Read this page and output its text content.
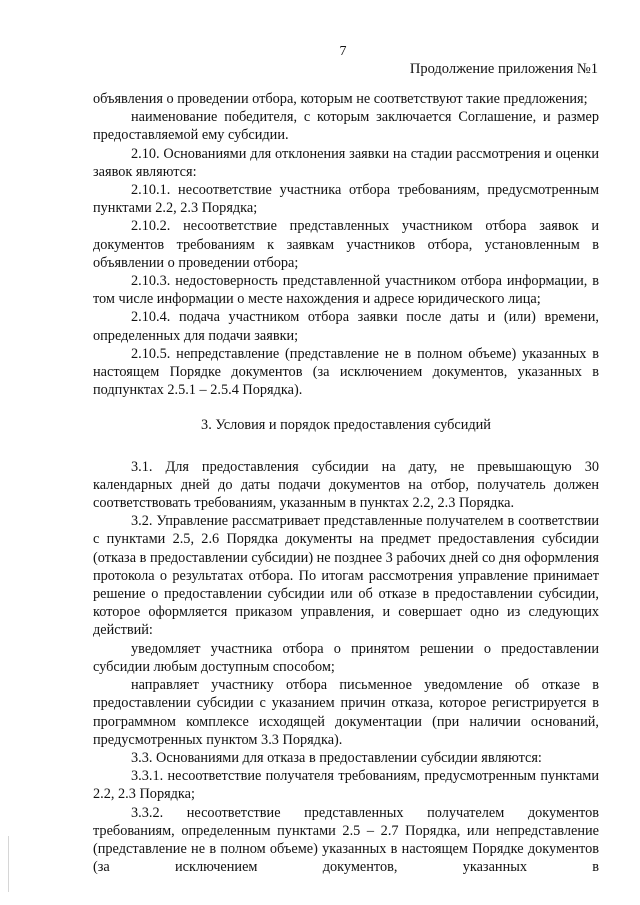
7
Продолжение приложения №1

объявления о проведении отбора, которым не соответствуют такие предложения;

наименование победителя, с которым заключается Соглашение, и размер предоставляемой ему субсидии.

2.10. Основаниями для отклонения заявки на стадии рассмотрения и оценки заявок являются:

2.10.1. несоответствие участника отбора требованиям, предусмотренным пунктами 2.2, 2.3 Порядка;

2.10.2. несоответствие представленных участником отбора заявок и документов требованиям к заявкам участников отбора, установленным в объявлении о проведении отбора;

2.10.3. недостоверность представленной участником отбора информации, в том числе информации о месте нахождения и адресе юридического лица;

2.10.4. подача участником отбора заявки после даты и (или) времени, определенных для подачи заявки;

2.10.5. непредставление (представление не в полном объеме) указанных в настоящем Порядке документов (за исключением документов, указанных в подпунктах 2.5.1 – 2.5.4 Порядка).

3. Условия и порядок предоставления субсидий

3.1. Для предоставления субсидии на дату, не превышающую 30 календарных дней до даты подачи документов на отбор, получатель должен соответствовать требованиям, указанным в пунктах 2.2, 2.3 Порядка.

3.2. Управление рассматривает представленные получателем в соответствии с пунктами 2.5, 2.6 Порядка документы на предмет предоставления субсидии (отказа в предоставлении субсидии) не позднее 3 рабочих дней со дня оформления протокола о результатах отбора. По итогам рассмотрения управление принимает решение о предоставлении субсидии или об отказе в предоставлении субсидии, которое оформляется приказом управления, и совершает одно из следующих действий:

уведомляет участника отбора о принятом решении о предоставлении субсидии любым доступным способом;

направляет участнику отбора письменное уведомление об отказе в предоставлении субсидии с указанием причин отказа, которое регистрируется в программном комплексе исходящей документации (при наличии оснований, предусмотренных пунктом 3.3 Порядка).

3.3. Основаниями для отказа в предоставлении субсидии являются:

3.3.1. несоответствие получателя требованиям, предусмотренным пунктами 2.2, 2.3 Порядка;

3.3.2. несоответствие представленных получателем документов требованиям, определенным пунктами 2.5 – 2.7 Порядка, или непредставление (представление не в полном объеме) указанных в настоящем Порядке документов (за исключением документов, указанных в
